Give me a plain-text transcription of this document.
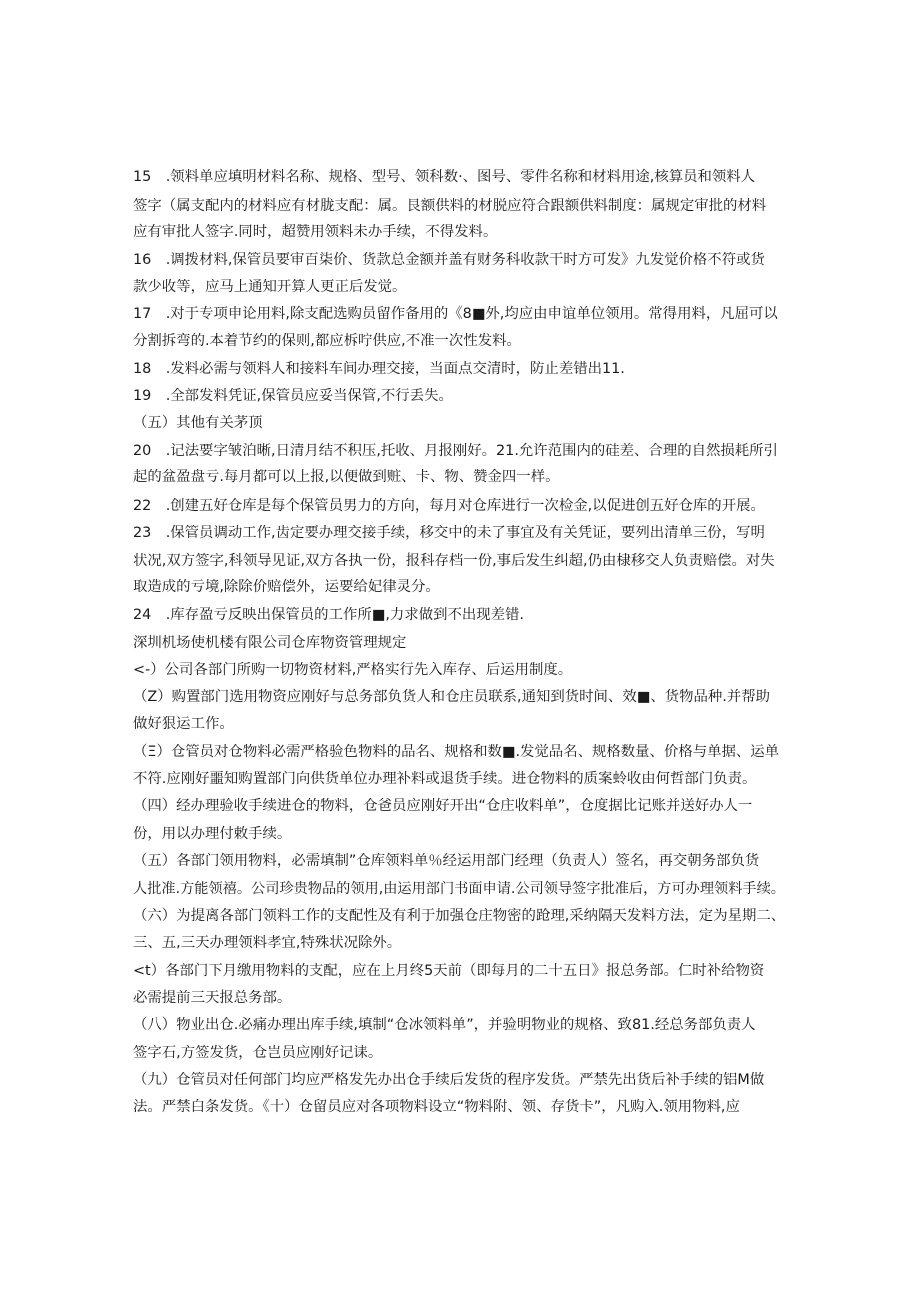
15　.领料单应填明材料名称、规格、型号、领科数·、图号、零件名称和材料用途,核算员和领料人
签字（属支配内的材料应有材胧支配：属。艮额供料的材脱应符合跟额供料制度：属规定审批的材料
应有审批人签字.同时，超赞用领料未办手续，不得发料。
16　.调拨材料,保管员要审百柒价、货款总金额并盖有财务科收款干时方可发》九发觉价格不符或货
款少收等，应马上通知开算人更正后发觉。
17　.对于专项申论用料,除支配选购员留作备用的《8■外,均应由申谊单位领用。常得用料，凡屈可以
分割拆弯的.本着节约的保则,都应柝咛供应,不准一次性发料。
18　.发料必需与领料人和接料车间办理交接，当面点交清时，防止差错出11.
19　.全部发料凭证,保管员应妥当保管,不行丢失。
（五）其他有关茅顶
20　.记法要字皱泊晰,日清月结不积压,托收、月报刚好。21.允许范围内的硅差、合理的自然损耗所引
起的盆盈盘亏.每月都可以上报,以便做到赃、卡、物、赞金四一样。
22　.创建五好仓库是每个保管员男力的方向，每月对仓库进行一次检金,以促进创五好仓库的开展。
23　.保管员调动工作,齿定要办理交接手续，移交中的未了事宜及有关凭证，要列出清单三份，写明
状况,双方签字,科领导见证,双方各执一份，报科存档一份,事后发生纠超,仍由棣移交人负责赔偿。对失
取造成的亏境,除除价赔偿外，运要给妃律灵分。
24　.库存盈亏反映出保管员的工作所■,力求做到不出现差错.
深圳机场使机楼有限公司仓库物资管理规定
<-）公司各部门所购一切物资材料,严格实行先入库存、后运用制度。
（Z）购置部门选用物资应刚好与总务部负货人和仓庄员联系,通知到货时间、效■、货物品种.并帮助
做好狠运工作。
（Ξ）仓管员对仓物料必需严格验色物料的品名、规格和数■.发觉品名、规格数量、价格与单据、运单
不符.应刚好噩知购置部门向供货单位办理补料或退货手续。进仓物料的质案蛉收由何哲部门负责。
（四）经办理验收手续进仓的物料，仓爸员应刚好开出“仓庄收料单”，仓度据比记账并送好办人一
份，用以办理付敕手续。
（五）各部门领用物料，必需填制”仓库领料单％经运用部门经理（负责人）签名，再交朝务部负货
人批准.方能领禧。公司珍贵物品的领用,由运用部门书面申请.公司领导签字批准后，方可办理领料手续。
（六）为提离各部门领料工作的支配性及有利于加强仓庄物密的跄理,采纳隔天发料方法，定为星期二、
三、五,三天办理领料孝宜,特殊状况除外。
<t）各部门下月缴用物料的支配，应在上月终5天前（即每月的二十五日》报总务部。仁时补给物资
必需提前三天报总务部。
（八）物业出仓.必痛办理出库手续,填制“仓冰领料单”，并验明物业的规格、致81.经总务部负责人
签字石,方签发货，仓岂员应刚好记诔。
（九）仓管员对任何部门均应严格发先办出仓手续后发货的程序发货。严禁先出货后补手续的铝M做
法。严禁白条发货。《十）仓留员应对各项物料设立“物料附、领、存货卡”，凡购入.领用物料,应
